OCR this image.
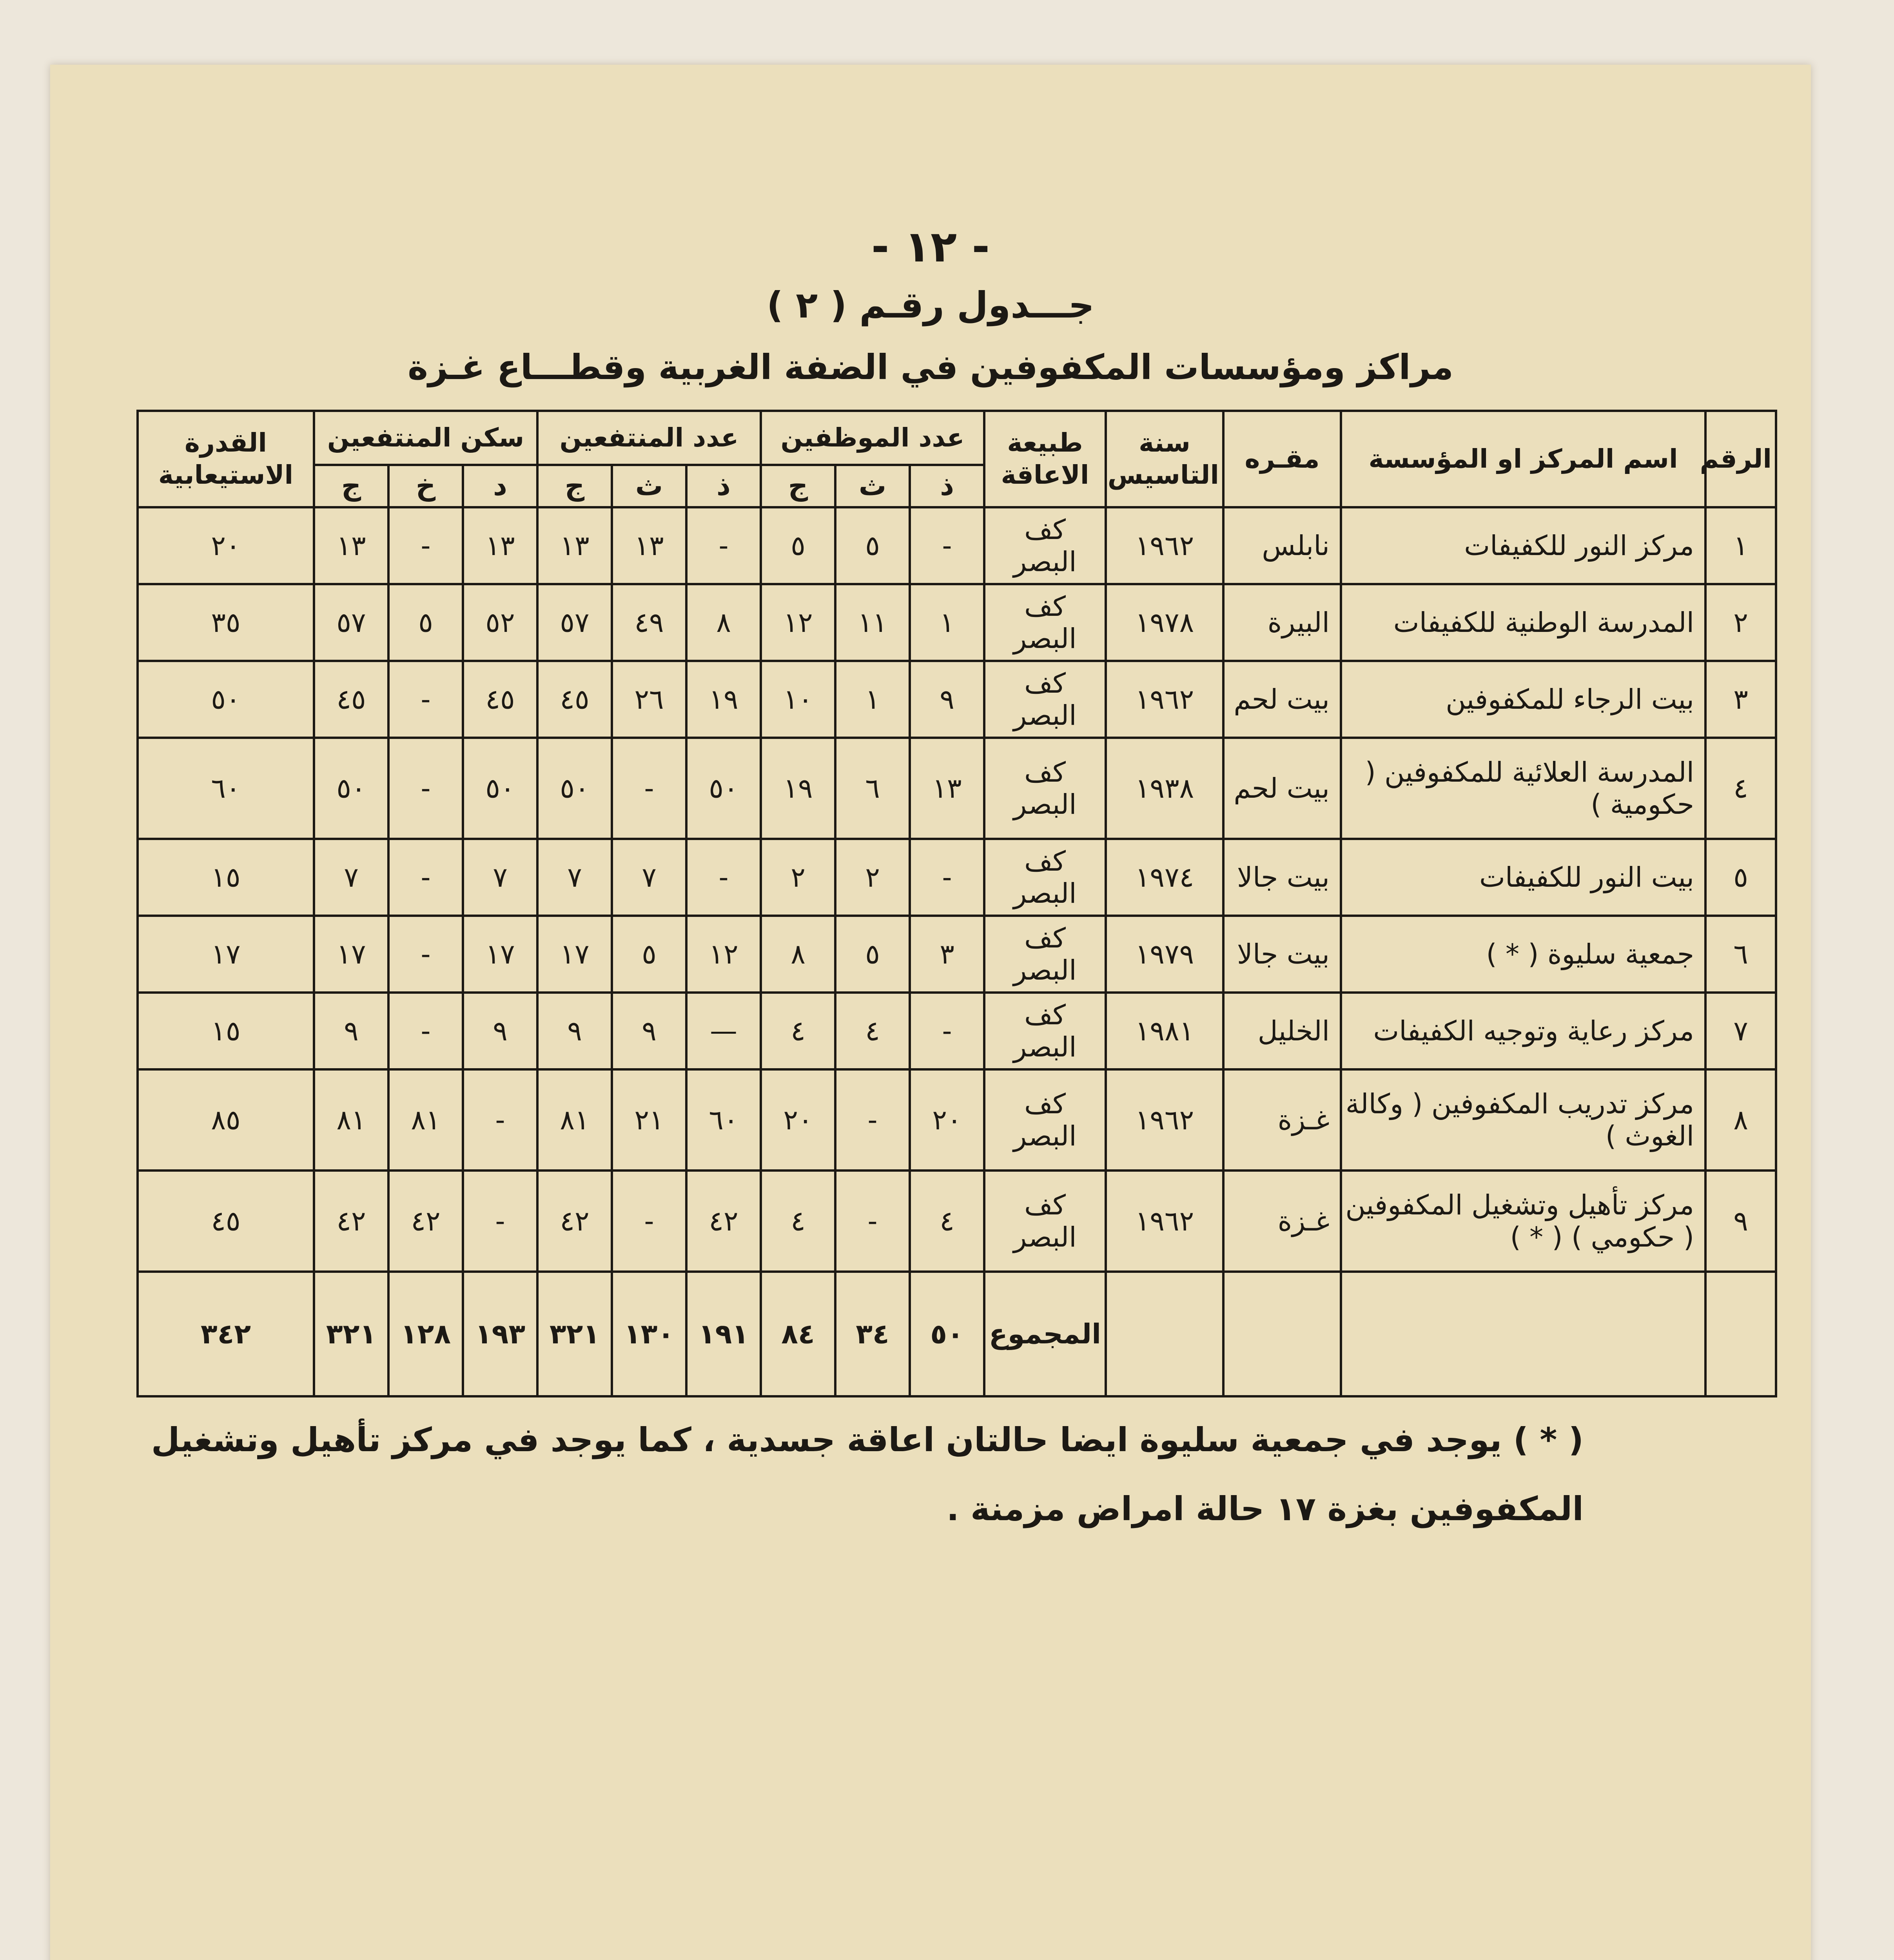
- ١٢ -
جـــدول رقـم ( ٢ )
مراكز ومؤسسات المكفوفين في الضفة الغربية وقطـــاع غـزة
الرقم	اسم المركز او المؤسسة	مقـره	سنة التاسيس	طبيعة الاعاقة	عدد الموظفين			عدد المنتفعين			سكن المنتفعين			القدرة الاستيعابية
					ذ	ث	ج	ذ	ث	ج	د	خ	ج	
١	مركز النور للكفيفات	نابلس	١٩٦٢	كف البصر	-	٥	٥	-	١٣	١٣	١٣	-	١٣	٢٠
٢	المدرسة الوطنية للكفيفات	البيرة	١٩٧٨	كف البصر	١	١١	١٢	٨	٤٩	٥٧	٥٢	٥	٥٧	٣٥
٣	بيت الرجاء للمكفوفين	بيت لحم	١٩٦٢	كف البصر	٩	١	١٠	١٩	٢٦	٤٥	٤٥	-	٤٥	٥٠
٤	المدرسة العلائية للمكفوفين ( حكومية )	بيت لحم	١٩٣٨	كف البصر	١٣	٦	١٩	٥٠	-	٥٠	٥٠	-	٥٠	٦٠
٥	بيت النور للكفيفات	بيت جالا	١٩٧٤	كف البصر	-	٢	٢	-	٧	٧	٧	-	٧	١٥
٦	جمعية سليوة ( * )	بيت جالا	١٩٧٩	كف البصر	٣	٥	٨	١٢	٥	١٧	١٧	-	١٧	١٧
٧	مركز رعاية وتوجيه الكفيفات	الخليل	١٩٨١	كف البصر	-	٤	٤	—	٩	٩	٩	-	٩	١٥
٨	مركز تدريب المكفوفين ( وكالة الغوث )	غـزة	١٩٦٢	كف البصر	٢٠	-	٢٠	٦٠	٢١	٨١	-	٨١	٨١	٨٥
٩	مركز تأهيل وتشغيل المكفوفين ( حكومي ) ( * )	غـزة	١٩٦٢	كف البصر	٤	-	٤	٤٢	-	٤٢	-	٤٢	٤٢	٤٥
				المجموع	٥٠	٣٤	٨٤	١٩١	١٣٠	٣٢١	١٩٣	١٢٨	٣٢١	٣٤٢
( * ) يوجد في جمعية سليوة ايضا حالتان اعاقة جسدية ، كما يوجد في مركز تأهيل وتشغيل المكفوفين بغزة ١٧ حالة امراض مزمنة .
